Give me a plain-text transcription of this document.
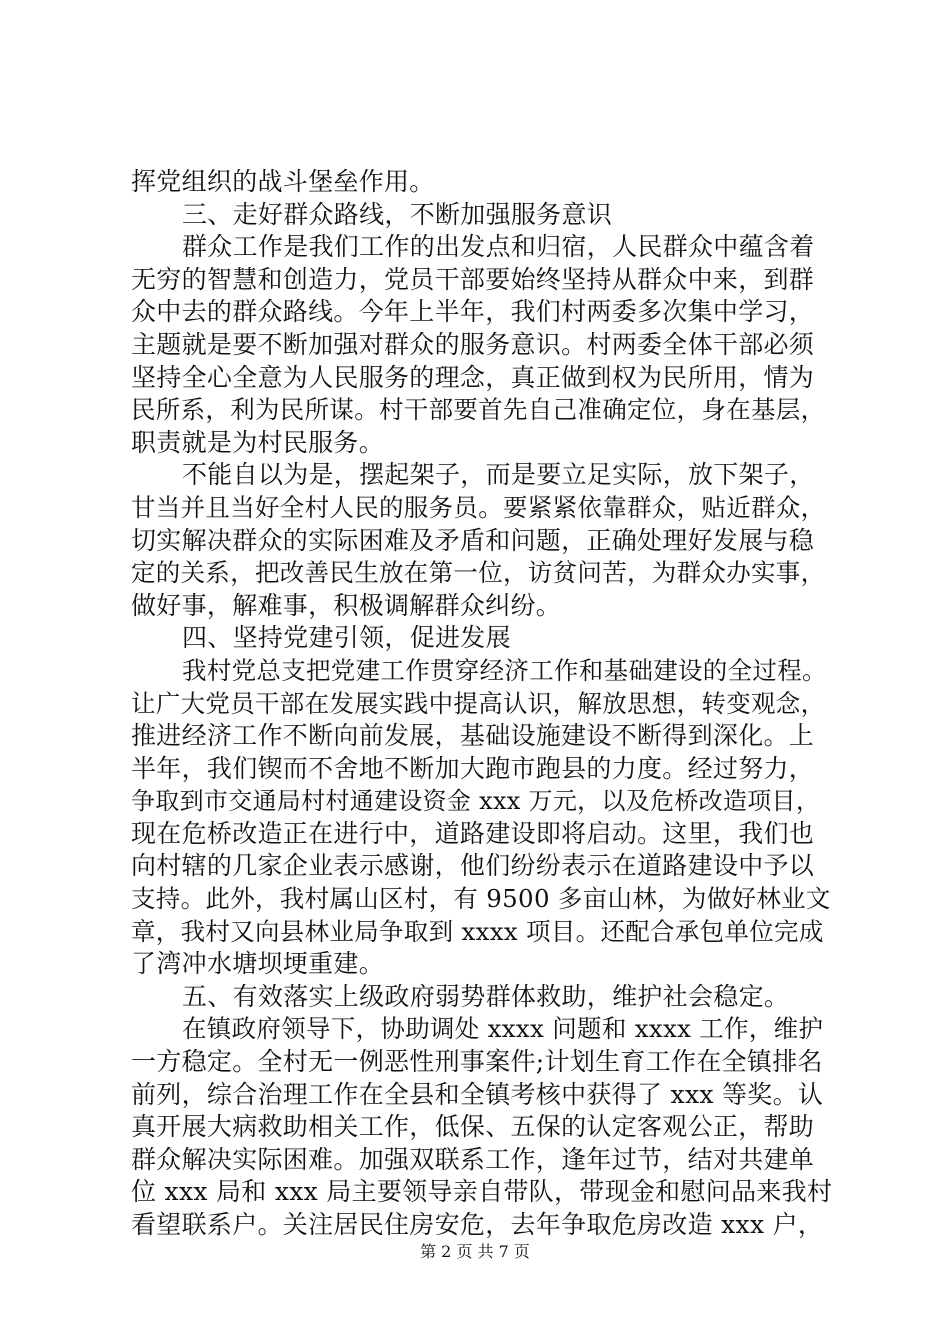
挥党组织的战斗堡垒作用。
三、走好群众路线，不断加强服务意识
群众工作是我们工作的出发点和归宿，人民群众中蕴含着
无穷的智慧和创造力，党员干部要始终坚持从群众中来，到群
众中去的群众路线。今年上半年，我们村两委多次集中学习，
主题就是要不断加强对群众的服务意识。村两委全体干部必须
坚持全心全意为人民服务的理念，真正做到权为民所用，情为
民所系，利为民所谋。村干部要首先自己准确定位，身在基层，
职责就是为村民服务。
不能自以为是，摆起架子，而是要立足实际，放下架子，
甘当并且当好全村人民的服务员。要紧紧依靠群众，贴近群众，
切实解决群众的实际困难及矛盾和问题，正确处理好发展与稳
定的关系，把改善民生放在第一位，访贫问苦，为群众办实事，
做好事，解难事，积极调解群众纠纷。
四、坚持党建引领，促进发展
我村党总支把党建工作贯穿经济工作和基础建设的全过程。
让广大党员干部在发展实践中提高认识，解放思想，转变观念，
推进经济工作不断向前发展，基础设施建设不断得到深化。上
半年，我们锲而不舍地不断加大跑市跑县的力度。经过努力，
争取到市交通局村村通建设资金 xxx 万元，以及危桥改造项目，
现在危桥改造正在进行中，道路建设即将启动。这里，我们也
向村辖的几家企业表示感谢，他们纷纷表示在道路建设中予以
支持。此外，我村属山区村，有 9500 多亩山林，为做好林业文
章，我村又向县林业局争取到 xxxx 项目。还配合承包单位完成
了湾冲水塘坝埂重建。
五、有效落实上级政府弱势群体救助，维护社会稳定。
在镇政府领导下，协助调处 xxxx 问题和 xxxx 工作，维护
一方稳定。全村无一例恶性刑事案件;计划生育工作在全镇排名
前列，综合治理工作在全县和全镇考核中获得了 xxx 等奖。认
真开展大病救助相关工作，低保、五保的认定客观公正，帮助
群众解决实际困难。加强双联系工作，逢年过节，结对共建单
位 xxx 局和 xxx 局主要领导亲自带队，带现金和慰问品来我村
看望联系户。关注居民住房安危，去年争取危房改造 xxx 户，
第 2 页 共 7 页
